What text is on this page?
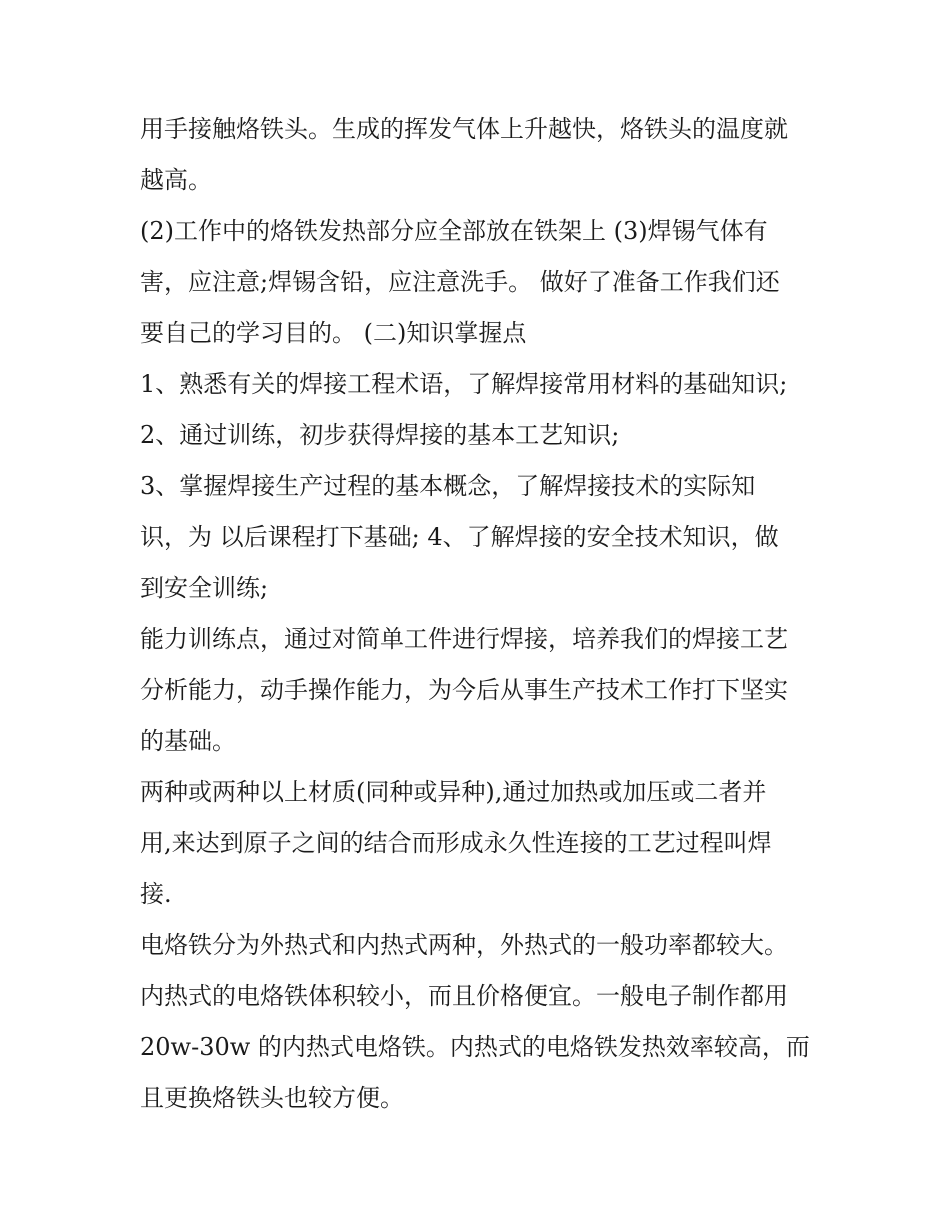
用手接触烙铁头。生成的挥发气体上升越快，烙铁头的温度就
越高。
(2)工作中的烙铁发热部分应全部放在铁架上 (3)焊锡气体有
害，应注意;焊锡含铅，应注意洗手。 做好了准备工作我们还
要自己的学习目的。 (二)知识掌握点
1、熟悉有关的焊接工程术语，了解焊接常用材料的基础知识;
2、通过训练，初步获得焊接的基本工艺知识;
3、掌握焊接生产过程的基本概念，了解焊接技术的实际知
识，为 以后课程打下基础; 4、了解焊接的安全技术知识，做
到安全训练;
能力训练点，通过对简单工件进行焊接，培养我们的焊接工艺
分析能力，动手操作能力，为今后从事生产技术工作打下坚实
的基础。
两种或两种以上材质(同种或异种),通过加热或加压或二者并
用,来达到原子之间的结合而形成永久性连接的工艺过程叫焊
接.
电烙铁分为外热式和内热式两种，外热式的一般功率都较大。
内热式的电烙铁体积较小，而且价格便宜。一般电子制作都用
20w-30w 的内热式电烙铁。内热式的电烙铁发热效率较高，而
且更换烙铁头也较方便。
